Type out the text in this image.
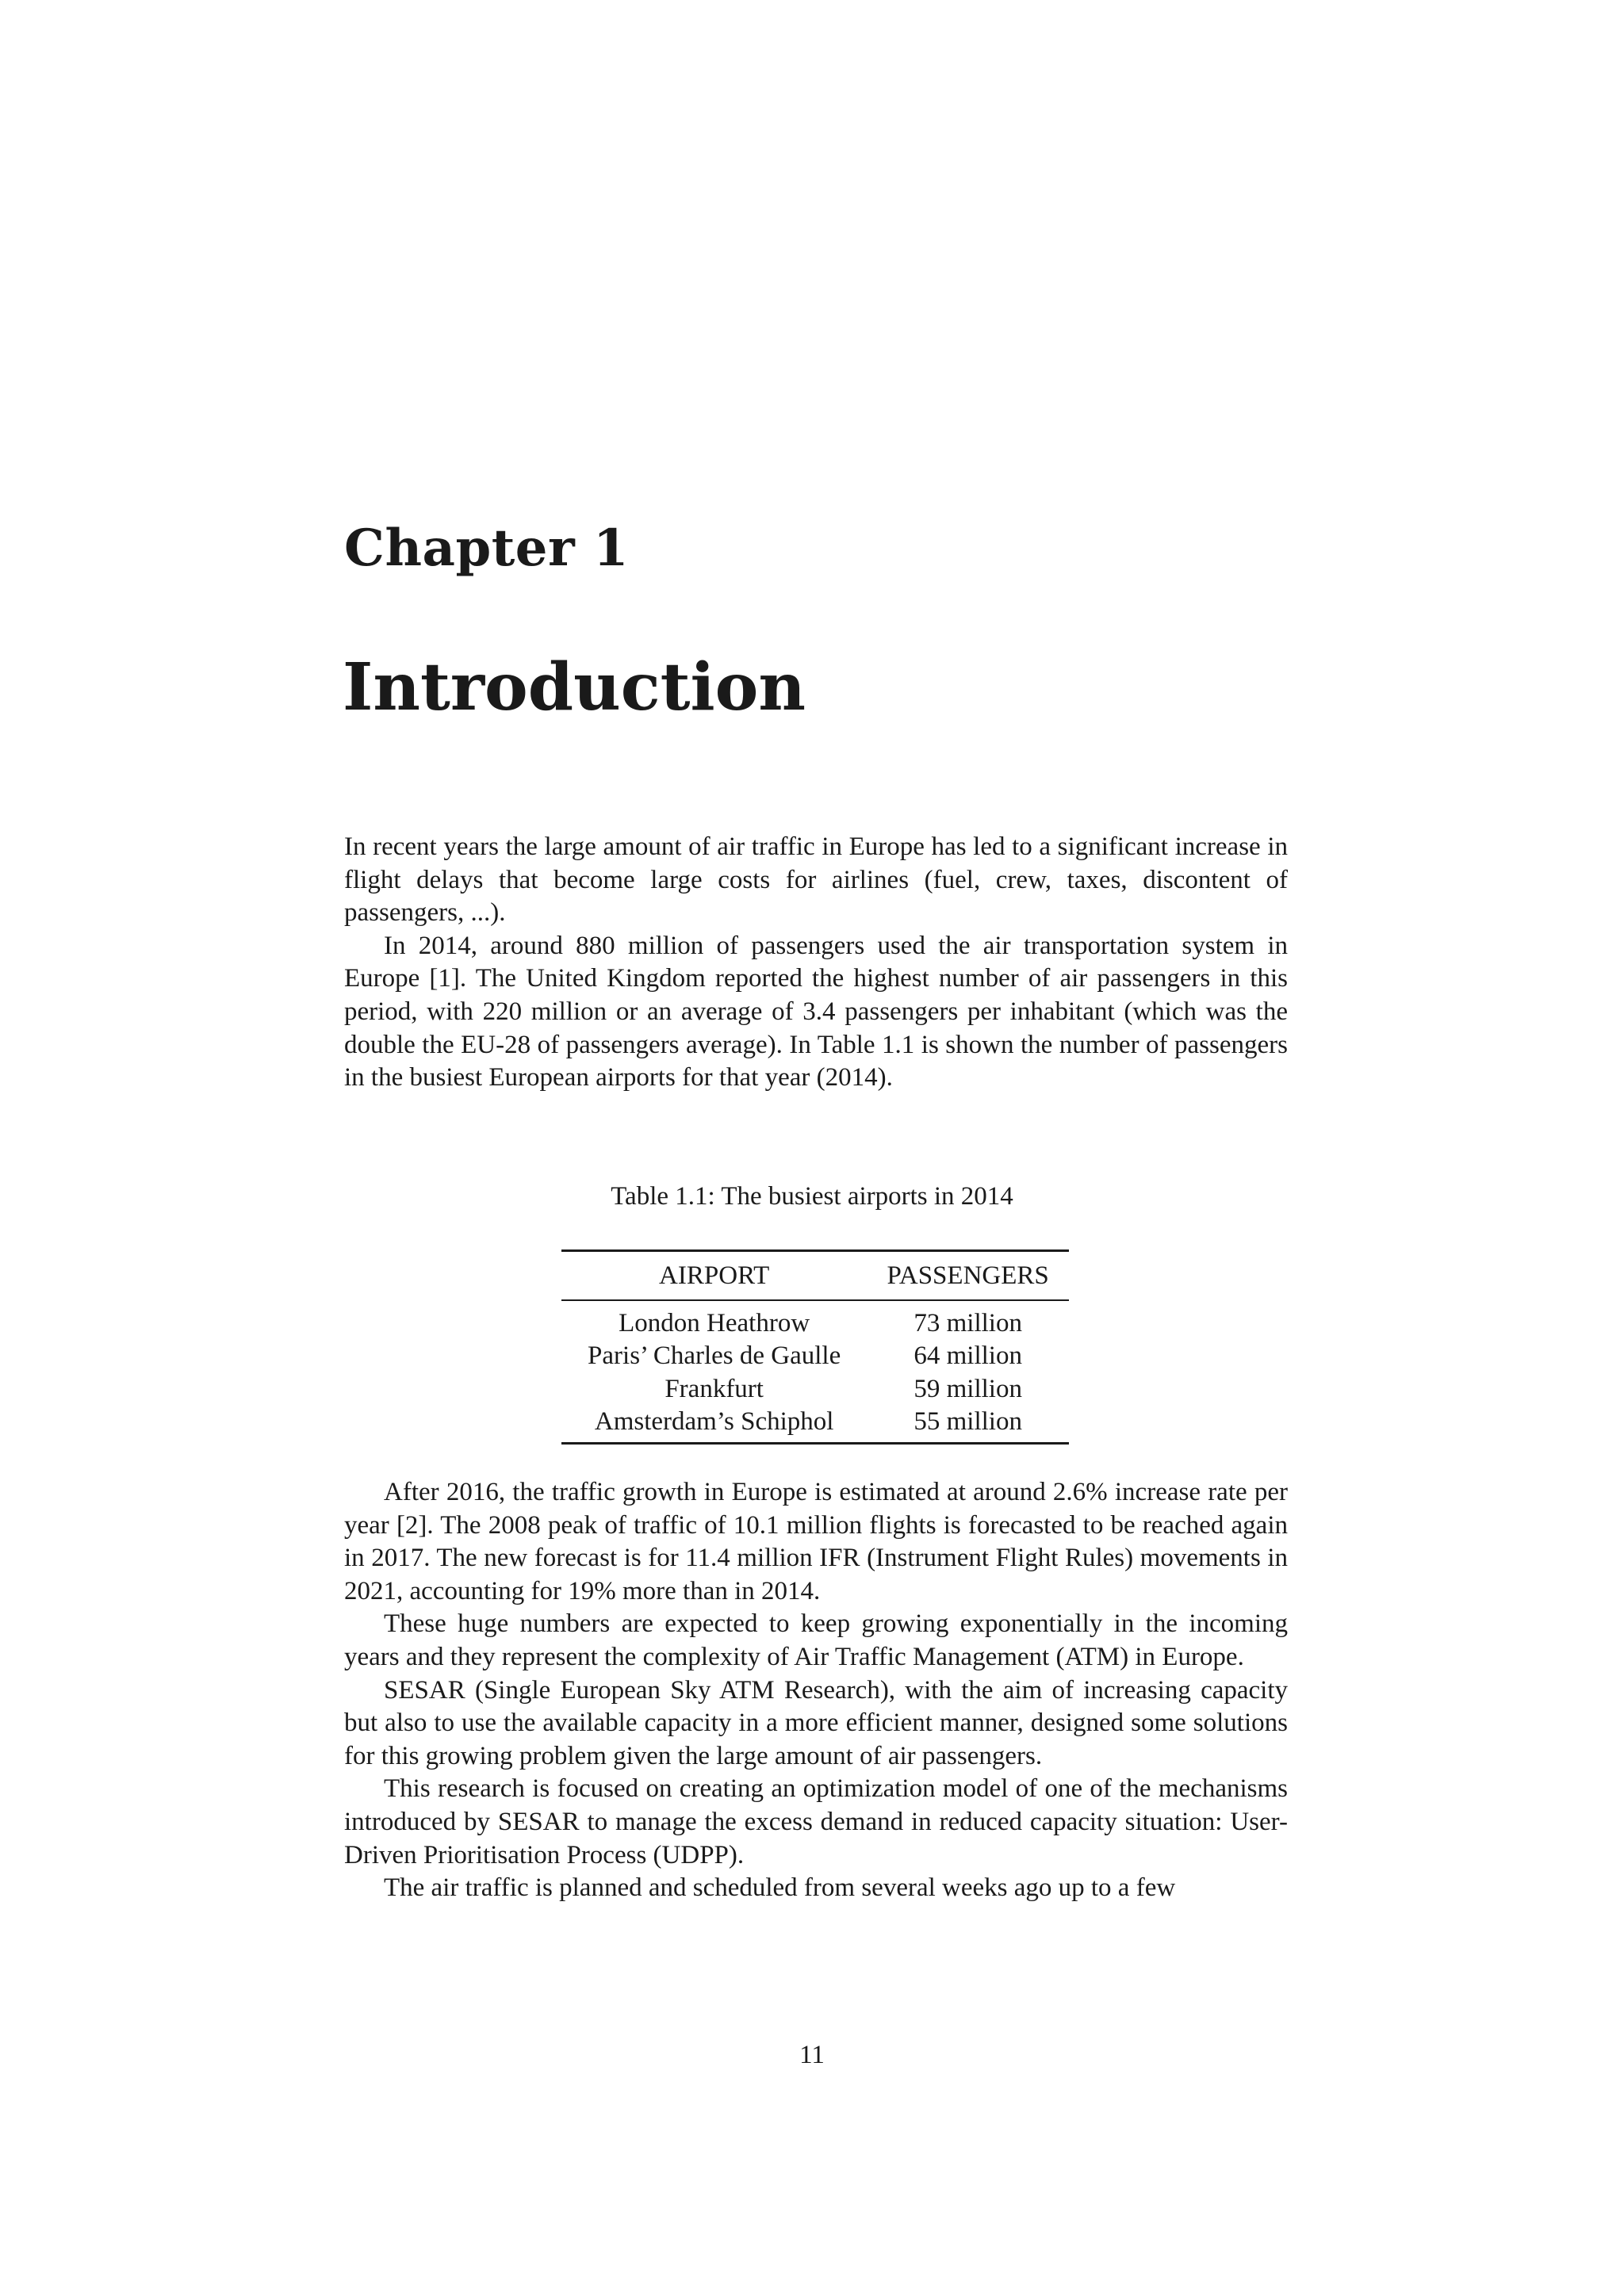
Chapter 1
Introduction

In recent years the large amount of air traffic in Europe has led to a significant increase in flight delays that become large costs for airlines (fuel, crew, taxes, discontent of passengers, ...).

In 2014, around 880 million of passengers used the air transportation system in Europe [1]. The United Kingdom reported the highest number of air passengers in this period, with 220 million or an average of 3.4 passengers per inhabitant (which was the double the EU-28 of passengers average). In Table 1.1 is shown the number of passengers in the busiest European airports for that year (2014).

Table 1.1: The busiest airports in 2014

AIRPORT	PASSENGERS
London Heathrow	73 million
Paris’ Charles de Gaulle	64 million
Frankfurt	59 million
Amsterdam’s Schiphol	55 million

After 2016, the traffic growth in Europe is estimated at around 2.6% increase rate per year [2]. The 2008 peak of traffic of 10.1 million flights is forecasted to be reached again in 2017. The new forecast is for 11.4 million IFR (Instrument Flight Rules) movements in 2021, accounting for 19% more than in 2014.

These huge numbers are expected to keep growing exponentially in the incoming years and they represent the complexity of Air Traffic Management (ATM) in Europe.

SESAR (Single European Sky ATM Research), with the aim of increasing capacity but also to use the available capacity in a more efficient manner, designed some solutions for this growing problem given the large amount of air passengers.

This research is focused on creating an optimization model of one of the mechanisms introduced by SESAR to manage the excess demand in reduced capacity situation: User-Driven Prioritisation Process (UDPP).

The air traffic is planned and scheduled from several weeks ago up to a few

11
